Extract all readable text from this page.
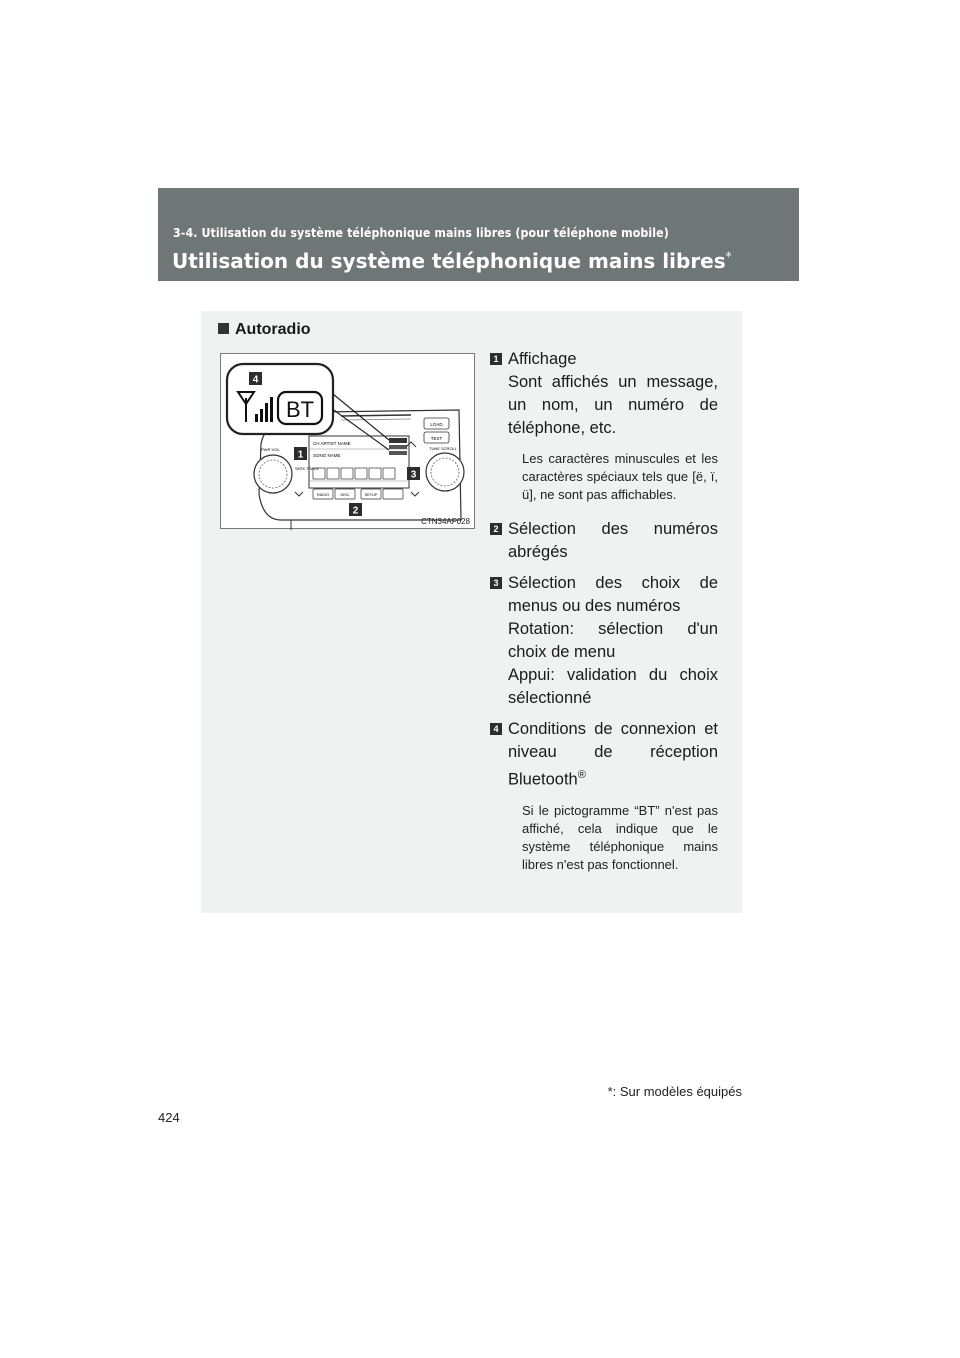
3-4. Utilisation du système téléphonique mains libres (pour téléphone mobile)
Utilisation du système téléphonique mains libres*
Autoradio
LOAD
TEXT
CH ARTIST NAME
SONG NAME
PWR·VOL	TUNE SCROLL
SEEK TRACK
RADIO	DISC	SETUP
BT
4
1
3
2
CTN34AF028
1 Affichage
Sont affichés un message, un nom, un numéro de téléphone, etc.
Les caractères minuscules et les caractères spéciaux tels que [ë, ï, ü], ne sont pas affichables.
2 Sélection des numéros abrégés
3 Sélection des choix de menus ou des numéros
Rotation: sélection d'un choix de menu
Appui: validation du choix sélectionné
4 Conditions de connexion et niveau de réception Bluetooth®
Si le pictogramme “BT” n'est pas affiché, cela indique que le système téléphonique mains libres n'est pas fonctionnel.
*: Sur modèles équipés
424
